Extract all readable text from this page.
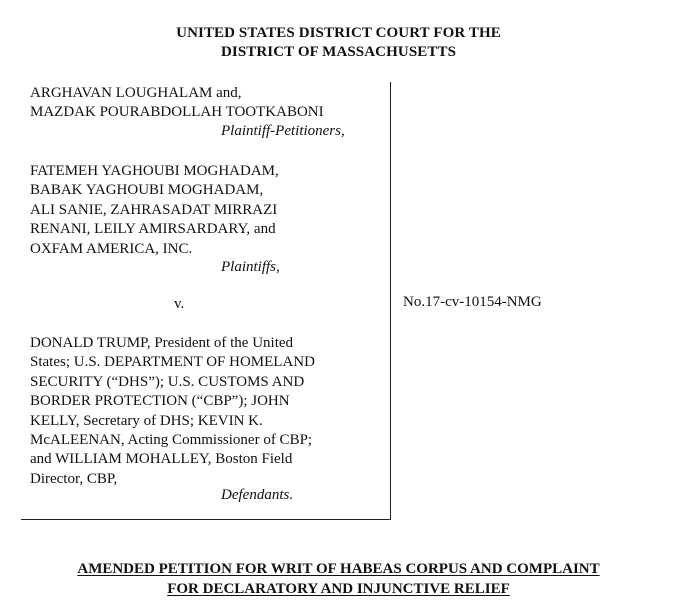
UNITED STATES DISTRICT COURT FOR THE
DISTRICT OF MASSACHUSETTS
ARGHAVAN LOUGHALAM and,
MAZDAK POURABDOLLAH TOOTKABONI
Plaintiff-Petitioners,
FATEMEH YAGHOUBI MOGHADAM,
BABAK YAGHOUBI MOGHADAM,
ALI SANIE, ZAHRASADAT MIRRAZI
RENANI, LEILY AMIRSARDARY, and
OXFAM AMERICA, INC.
Plaintiffs,
v.
DONALD TRUMP, President of the United
States; U.S. DEPARTMENT OF HOMELAND
SECURITY (“DHS”); U.S. CUSTOMS AND
BORDER PROTECTION (“CBP”); JOHN
KELLY, Secretary of DHS; KEVIN K.
McALEENAN, Acting Commissioner of CBP;
and WILLIAM MOHALLEY, Boston Field
Director, CBP,
Defendants.
No.17-cv-10154-NMG
AMENDED PETITION FOR WRIT OF HABEAS CORPUS AND COMPLAINT
FOR DECLARATORY AND INJUNCTIVE RELIEF
